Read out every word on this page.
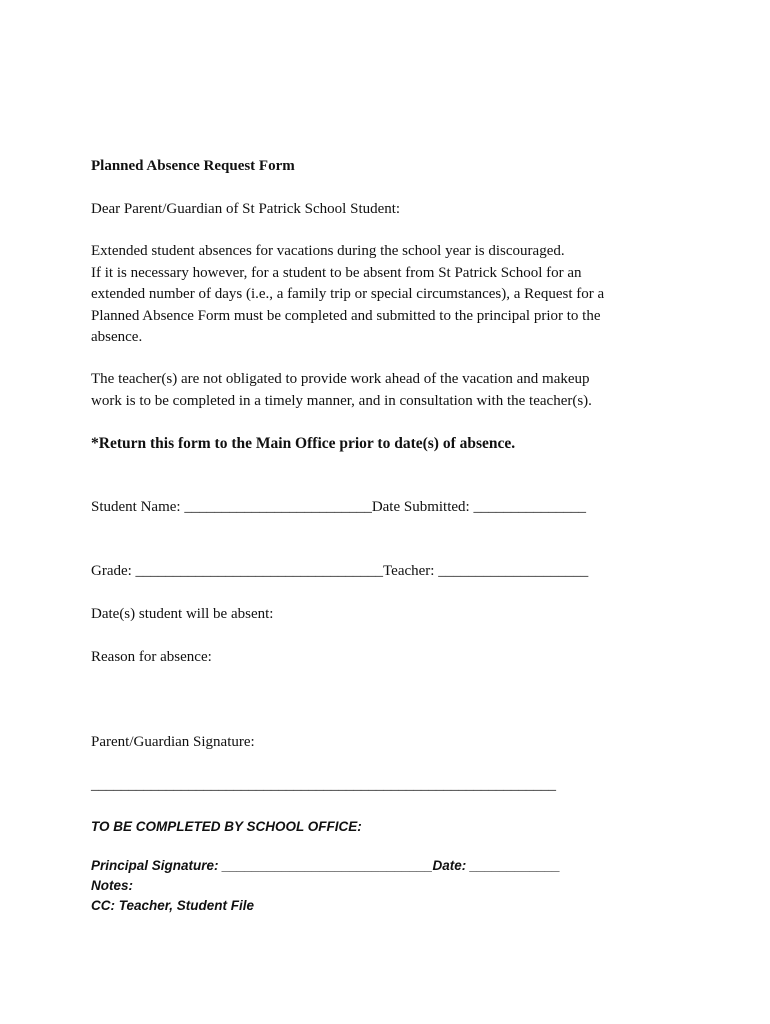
Planned Absence Request Form

Dear Parent/Guardian of St Patrick School Student:

Extended student absences for vacations during the school year is discouraged.
If it is necessary however, for a student to be absent from St Patrick School for an
extended number of days (i.e., a family trip or special circumstances), a Request for a
Planned Absence Form must be completed and submitted to the principal prior to the
absence.
The teacher(s) are not obligated to provide work ahead of the vacation and makeup
work is to be completed in a timely manner, and in consultation with the teacher(s).

*Return this form to the Main Office prior to date(s) of absence.

Student Name: _________________________Date Submitted: _______________

Grade: _________________________________Teacher: ____________________

Date(s) student will be absent:

Reason for absence:

Parent/Guardian Signature:

______________________________________________________________

TO BE COMPLETED BY SCHOOL OFFICE:

Principal Signature: ____________________________Date: ____________

Notes:

CC: Teacher, Student File
